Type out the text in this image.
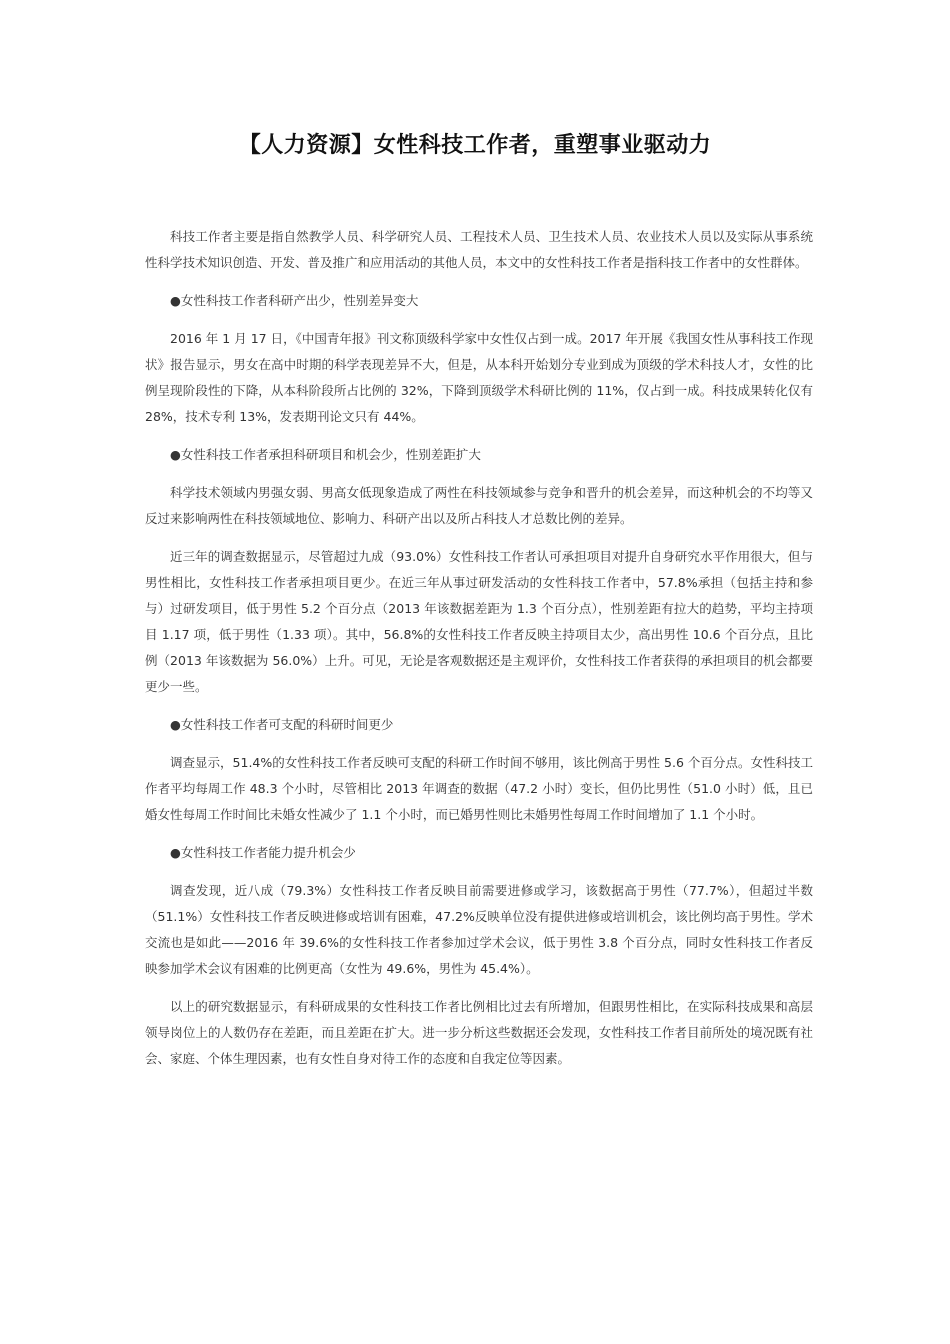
【人力资源】女性科技工作者，重塑事业驱动力

科技工作者主要是指自然教学人员、科学研究人员、工程技术人员、卫生技术人员、农业技术人员以及实际从事系统性科学技术知识创造、开发、普及推广和应用活动的其他人员，本文中的女性科技工作者是指科技工作者中的女性群体。

●女性科技工作者科研产出少，性别差异变大

2016 年 1 月 17 日，《中国青年报》刊文称顶级科学家中女性仅占到一成。2017 年开展《我国女性从事科技工作现状》报告显示，男女在高中时期的科学表现差异不大，但是，从本科开始划分专业到成为顶级的学术科技人才，女性的比例呈现阶段性的下降，从本科阶段所占比例的 32%，下降到顶级学术科研比例的 11%，仅占到一成。科技成果转化仅有 28%，技术专利 13%，发表期刊论文只有 44%。

●女性科技工作者承担科研项目和机会少，性别差距扩大

科学技术领域内男强女弱、男高女低现象造成了两性在科技领域参与竞争和晋升的机会差异，而这种机会的不均等又反过来影响两性在科技领域地位、影响力、科研产出以及所占科技人才总数比例的差异。

近三年的调查数据显示，尽管超过九成（93.0%）女性科技工作者认可承担项目对提升自身研究水平作用很大，但与男性相比，女性科技工作者承担项目更少。在近三年从事过研发活动的女性科技工作者中，57.8%承担（包括主持和参与）过研发项目，低于男性 5.2 个百分点（2013 年该数据差距为 1.3 个百分点），性别差距有拉大的趋势，平均主持项目 1.17 项，低于男性（1.33 项）。其中，56.8%的女性科技工作者反映主持项目太少，高出男性 10.6 个百分点，且比例（2013 年该数据为 56.0%）上升。可见，无论是客观数据还是主观评价，女性科技工作者获得的承担项目的机会都要更少一些。

●女性科技工作者可支配的科研时间更少

调查显示，51.4%的女性科技工作者反映可支配的科研工作时间不够用，该比例高于男性 5.6 个百分点。女性科技工作者平均每周工作 48.3 个小时，尽管相比 2013 年调查的数据（47.2 小时）变长，但仍比男性（51.0 小时）低，且已婚女性每周工作时间比未婚女性减少了 1.1 个小时，而已婚男性则比未婚男性每周工作时间增加了 1.1 个小时。

●女性科技工作者能力提升机会少

调查发现，近八成（79.3%）女性科技工作者反映目前需要进修或学习，该数据高于男性（77.7%），但超过半数（51.1%）女性科技工作者反映进修或培训有困难，47.2%反映单位没有提供进修或培训机会，该比例均高于男性。学术交流也是如此——2016 年 39.6%的女性科技工作者参加过学术会议，低于男性 3.8 个百分点，同时女性科技工作者反映参加学术会议有困难的比例更高（女性为 49.6%，男性为 45.4%）。

以上的研究数据显示，有科研成果的女性科技工作者比例相比过去有所增加，但跟男性相比，在实际科技成果和高层领导岗位上的人数仍存在差距，而且差距在扩大。进一步分析这些数据还会发现，女性科技工作者目前所处的境况既有社会、家庭、个体生理因素，也有女性自身对待工作的态度和自我定位等因素。
